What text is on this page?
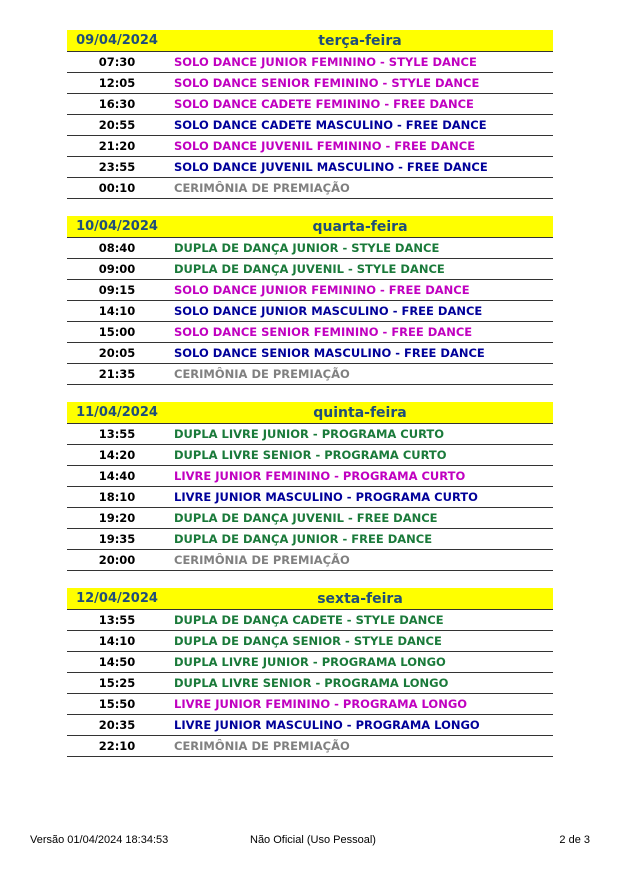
09/04/2024	terça-feira
07:30	SOLO DANCE JUNIOR FEMININO - STYLE DANCE
12:05	SOLO DANCE SENIOR FEMININO - STYLE DANCE
16:30	SOLO DANCE CADETE FEMININO - FREE DANCE
20:55	SOLO DANCE CADETE MASCULINO - FREE DANCE
21:20	SOLO DANCE JUVENIL FEMININO - FREE DANCE
23:55	SOLO DANCE JUVENIL MASCULINO - FREE DANCE
00:10	CERIMÔNIA DE PREMIAÇÃO
10/04/2024	quarta-feira
08:40	DUPLA DE DANÇA JUNIOR - STYLE DANCE
09:00	DUPLA DE DANÇA JUVENIL - STYLE DANCE
09:15	SOLO DANCE JUNIOR FEMININO - FREE DANCE
14:10	SOLO DANCE JUNIOR MASCULINO - FREE DANCE
15:00	SOLO DANCE SENIOR FEMININO - FREE DANCE
20:05	SOLO DANCE SENIOR MASCULINO - FREE DANCE
21:35	CERIMÔNIA DE PREMIAÇÃO
11/04/2024	quinta-feira
13:55	DUPLA LIVRE JUNIOR - PROGRAMA CURTO
14:20	DUPLA LIVRE SENIOR - PROGRAMA CURTO
14:40	LIVRE JUNIOR FEMININO - PROGRAMA CURTO
18:10	LIVRE JUNIOR MASCULINO - PROGRAMA CURTO
19:20	DUPLA DE DANÇA JUVENIL - FREE DANCE
19:35	DUPLA DE DANÇA JUNIOR - FREE DANCE
20:00	CERIMÔNIA DE PREMIAÇÃO
12/04/2024	sexta-feira
13:55	DUPLA DE DANÇA CADETE - STYLE DANCE
14:10	DUPLA DE DANÇA SENIOR - STYLE DANCE
14:50	DUPLA LIVRE JUNIOR - PROGRAMA LONGO
15:25	DUPLA LIVRE SENIOR - PROGRAMA LONGO
15:50	LIVRE JUNIOR FEMININO - PROGRAMA LONGO
20:35	LIVRE JUNIOR MASCULINO - PROGRAMA LONGO
22:10	CERIMÔNIA DE PREMIAÇÃO
Versão 01/04/2024 18:34:53	Não Oficial (Uso Pessoal)	2 de 3
